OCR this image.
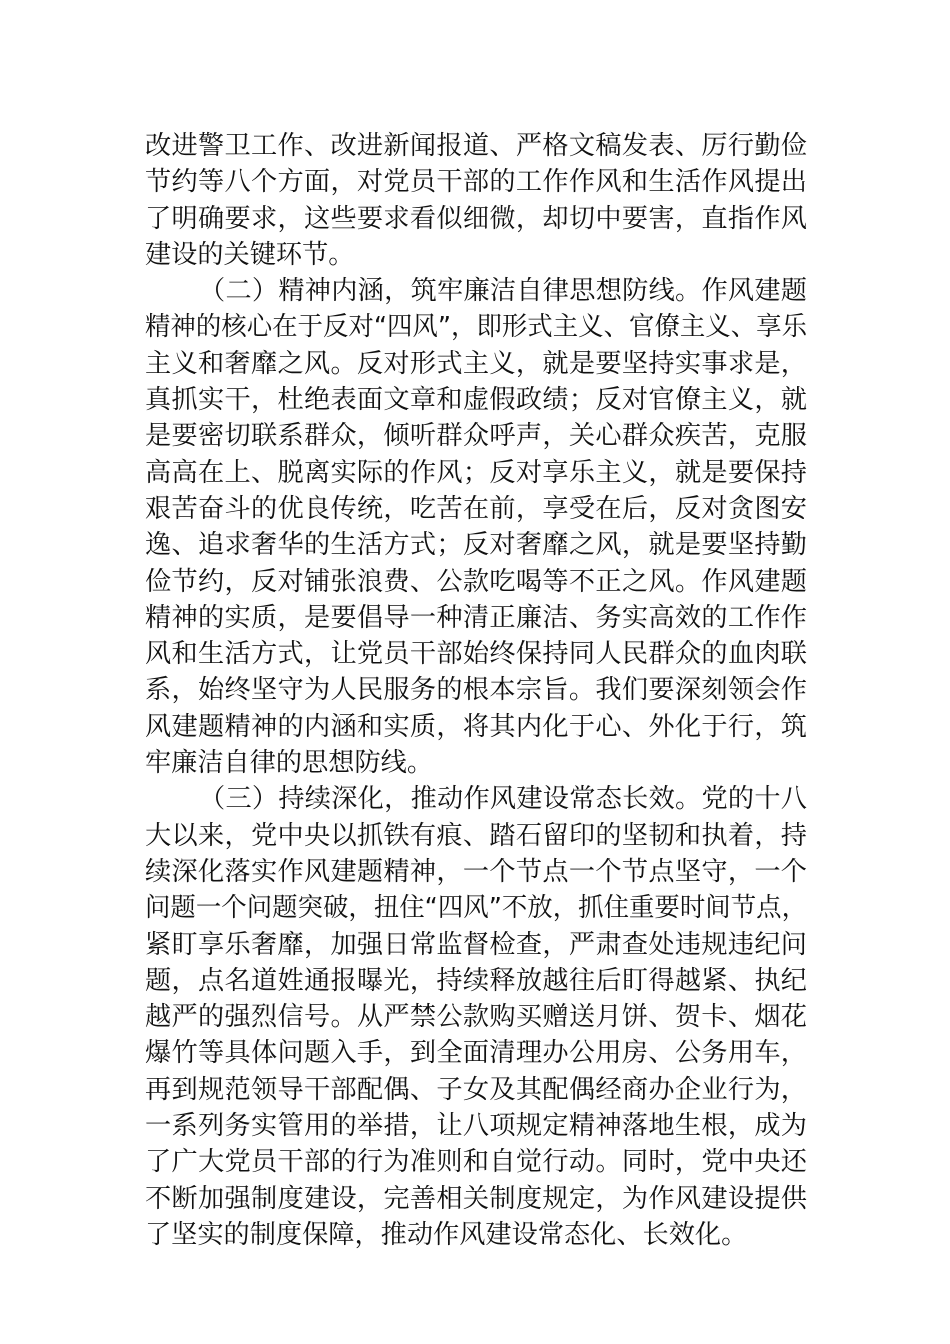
改进警卫工作、改进新闻报道、严格文稿发表、厉行勤俭
节约等八个方面，对党员干部的工作作风和生活作风提出
了明确要求，这些要求看似细微，却切中要害，直指作风
建设的关键环节。
（二）精神内涵，筑牢廉洁自律思想防线。作风建题
精神的核心在于反对“四风”，即形式主义、官僚主义、享乐
主义和奢靡之风。反对形式主义，就是要坚持实事求是，
真抓实干，杜绝表面文章和虚假政绩；反对官僚主义，就
是要密切联系群众，倾听群众呼声，关心群众疾苦，克服
高高在上、脱离实际的作风；反对享乐主义，就是要保持
艰苦奋斗的优良传统，吃苦在前，享受在后，反对贪图安
逸、追求奢华的生活方式；反对奢靡之风，就是要坚持勤
俭节约，反对铺张浪费、公款吃喝等不正之风。作风建题
精神的实质，是要倡导一种清正廉洁、务实高效的工作作
风和生活方式，让党员干部始终保持同人民群众的血肉联
系，始终坚守为人民服务的根本宗旨。我们要深刻领会作
风建题精神的内涵和实质，将其内化于心、外化于行，筑
牢廉洁自律的思想防线。
（三）持续深化，推动作风建设常态长效。党的十八
大以来，党中央以抓铁有痕、踏石留印的坚韧和执着，持
续深化落实作风建题精神，一个节点一个节点坚守，一个
问题一个问题突破，扭住“四风”不放，抓住重要时间节点，
紧盯享乐奢靡，加强日常监督检查，严肃查处违规违纪问
题，点名道姓通报曝光，持续释放越往后盯得越紧、执纪
越严的强烈信号。从严禁公款购买赠送月饼、贺卡、烟花
爆竹等具体问题入手，到全面清理办公用房、公务用车，
再到规范领导干部配偶、子女及其配偶经商办企业行为，
一系列务实管用的举措，让八项规定精神落地生根，成为
了广大党员干部的行为准则和自觉行动。同时，党中央还
不断加强制度建设，完善相关制度规定，为作风建设提供
了坚实的制度保障，推动作风建设常态化、长效化。
